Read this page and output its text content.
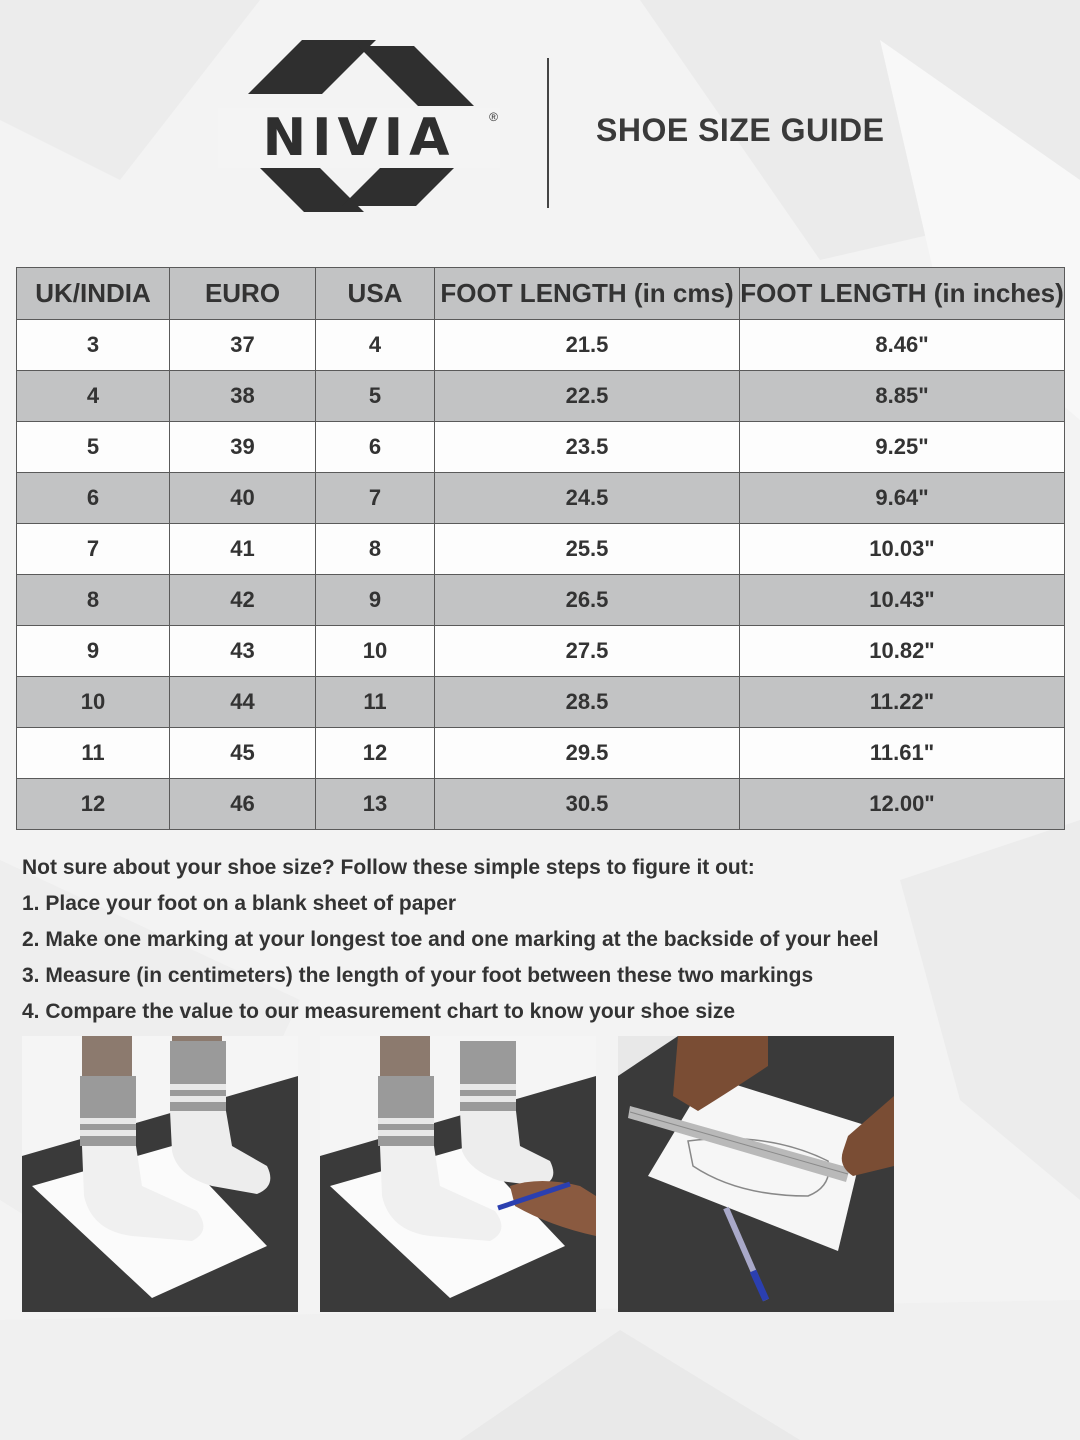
NIVIA	®	SHOE SIZE GUIDE
UK/INDIA	EURO	USA	FOOT LENGTH (in cms)	FOOT LENGTH (in inches)
3	37	4	21.5	8.46"
4	38	5	22.5	8.85"
5	39	6	23.5	9.25"
6	40	7	24.5	9.64"
7	41	8	25.5	10.03"
8	42	9	26.5	10.43"
9	43	10	27.5	10.82"
10	44	11	28.5	11.22"
11	45	12	29.5	11.61"
12	46	13	30.5	12.00"

Not sure about your shoe size? Follow these simple steps to figure it out:

1. Place your foot on a blank sheet of paper

2. Make one marking at your longest toe and one marking at the backside of your heel

3. Measure (in centimeters) the length of your foot between these two markings

4. Compare the value to our measurement chart to know your shoe size
